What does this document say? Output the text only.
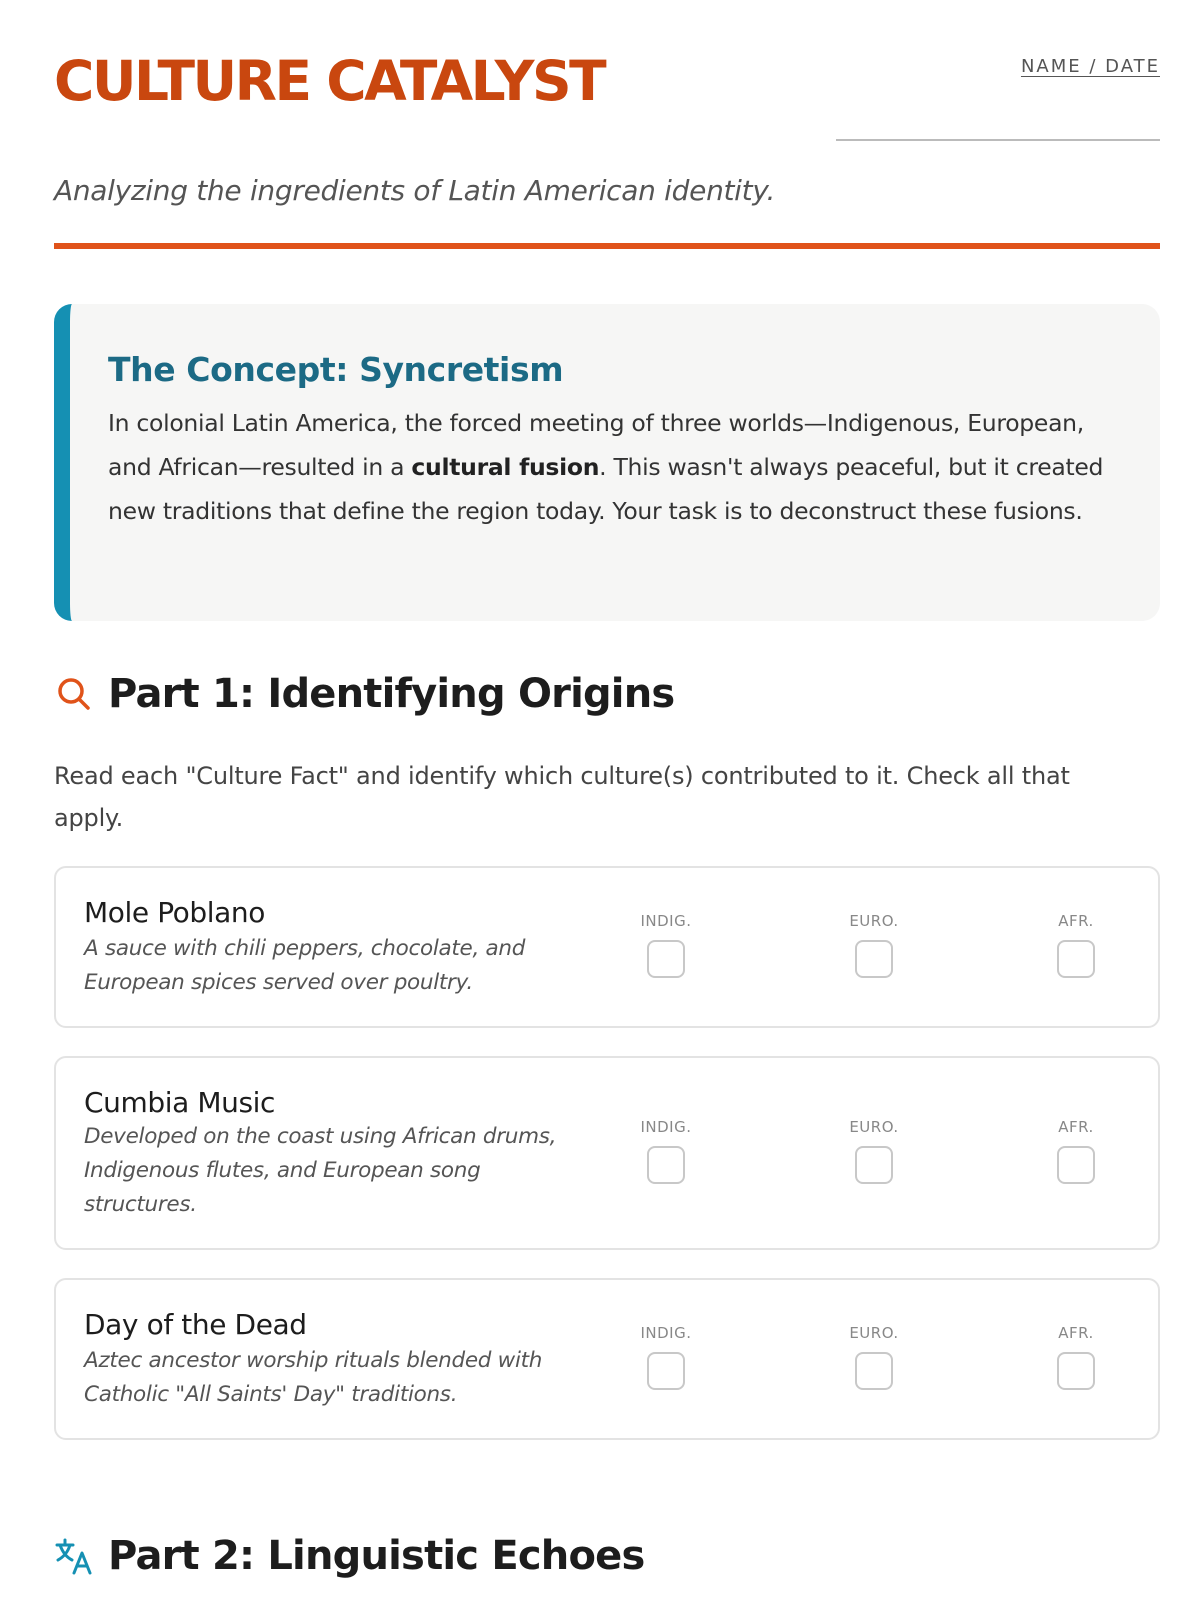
CULTURE CATALYST	NAME / DATE

Analyzing the ingredients of Latin American identity.

The Concept: Syncretism

In colonial Latin America, the forced meeting of three worlds—Indigenous, European, and African—resulted in a cultural fusion. This wasn't always peaceful, but it created new traditions that define the region today. Your task is to deconstruct these fusions.

Part 1: Identifying Origins

Read each "Culture Fact" and identify which culture(s) contributed to it. Check all that apply.

Mole Poblano

A sauce with chili peppers, chocolate, and European spices served over poultry.

INDIG.	EURO.	AFR.
Cumbia Music

Developed on the coast using African drums, Indigenous flutes, and European song structures.

INDIG.	EURO.	AFR.
Day of the Dead

Aztec ancestor worship rituals blended with Catholic "All Saints' Day" traditions.

INDIG.	EURO.	AFR.
Part 2: Linguistic Echoes
